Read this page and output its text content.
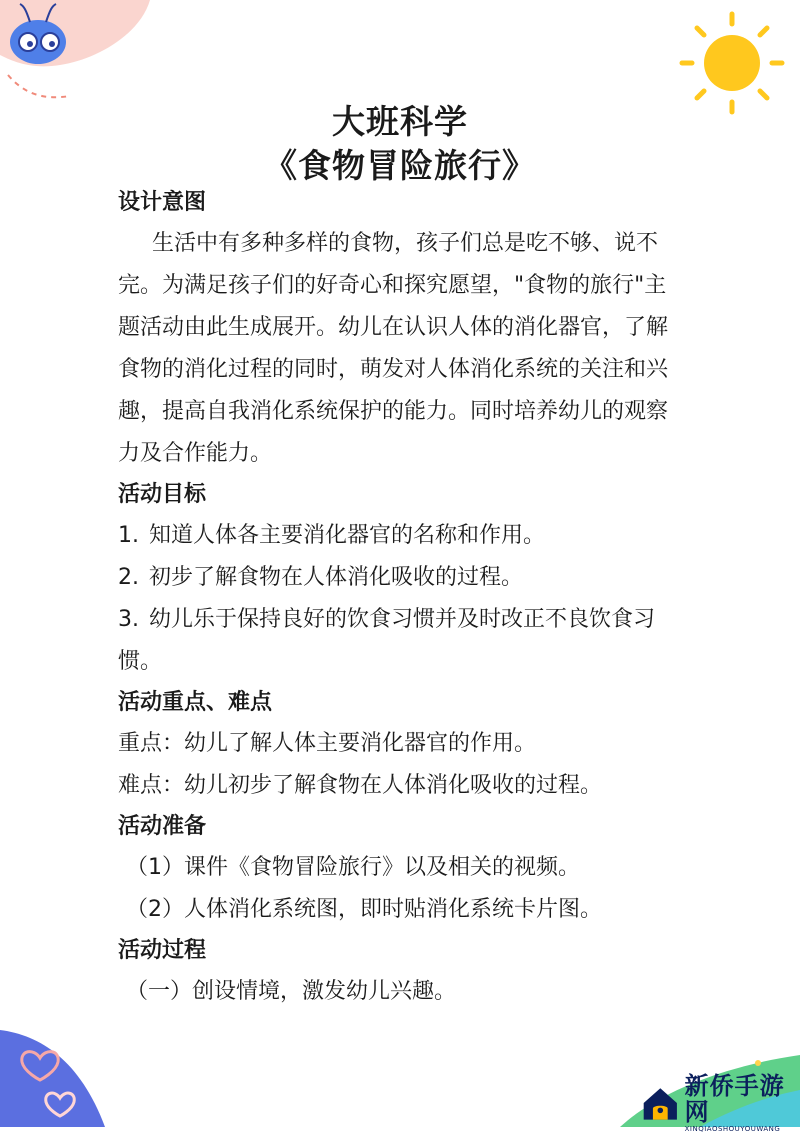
大班科学
《食物冒险旅行》
设计意图

生活中有多种多样的食物，孩子们总是吃不够、说不完。为满足孩子们的好奇心和探究愿望，"食物的旅行"主题活动由此生成展开。幼儿在认识人体的消化器官，了解食物的消化过程的同时，萌发对人体消化系统的关注和兴趣，提高自我消化系统保护的能力。同时培养幼儿的观察力及合作能力。

活动目标
1. 知道人体各主要消化器官的名称和作用。
2. 初步了解食物在人体消化吸收的过程。
3. 幼儿乐于保持良好的饮食习惯并及时改正不良饮食习惯。
活动重点、难点

重点：幼儿了解人体主要消化器官的作用。

难点：幼儿初步了解食物在人体消化吸收的过程。

活动准备

（1）课件《食物冒险旅行》以及相关的视频。

（2）人体消化系统图，即时贴消化系统卡片图。

活动过程

（一）创设情境，激发幼儿兴趣。

新侨手游网
XINQIAOSHOUYOUWANG
